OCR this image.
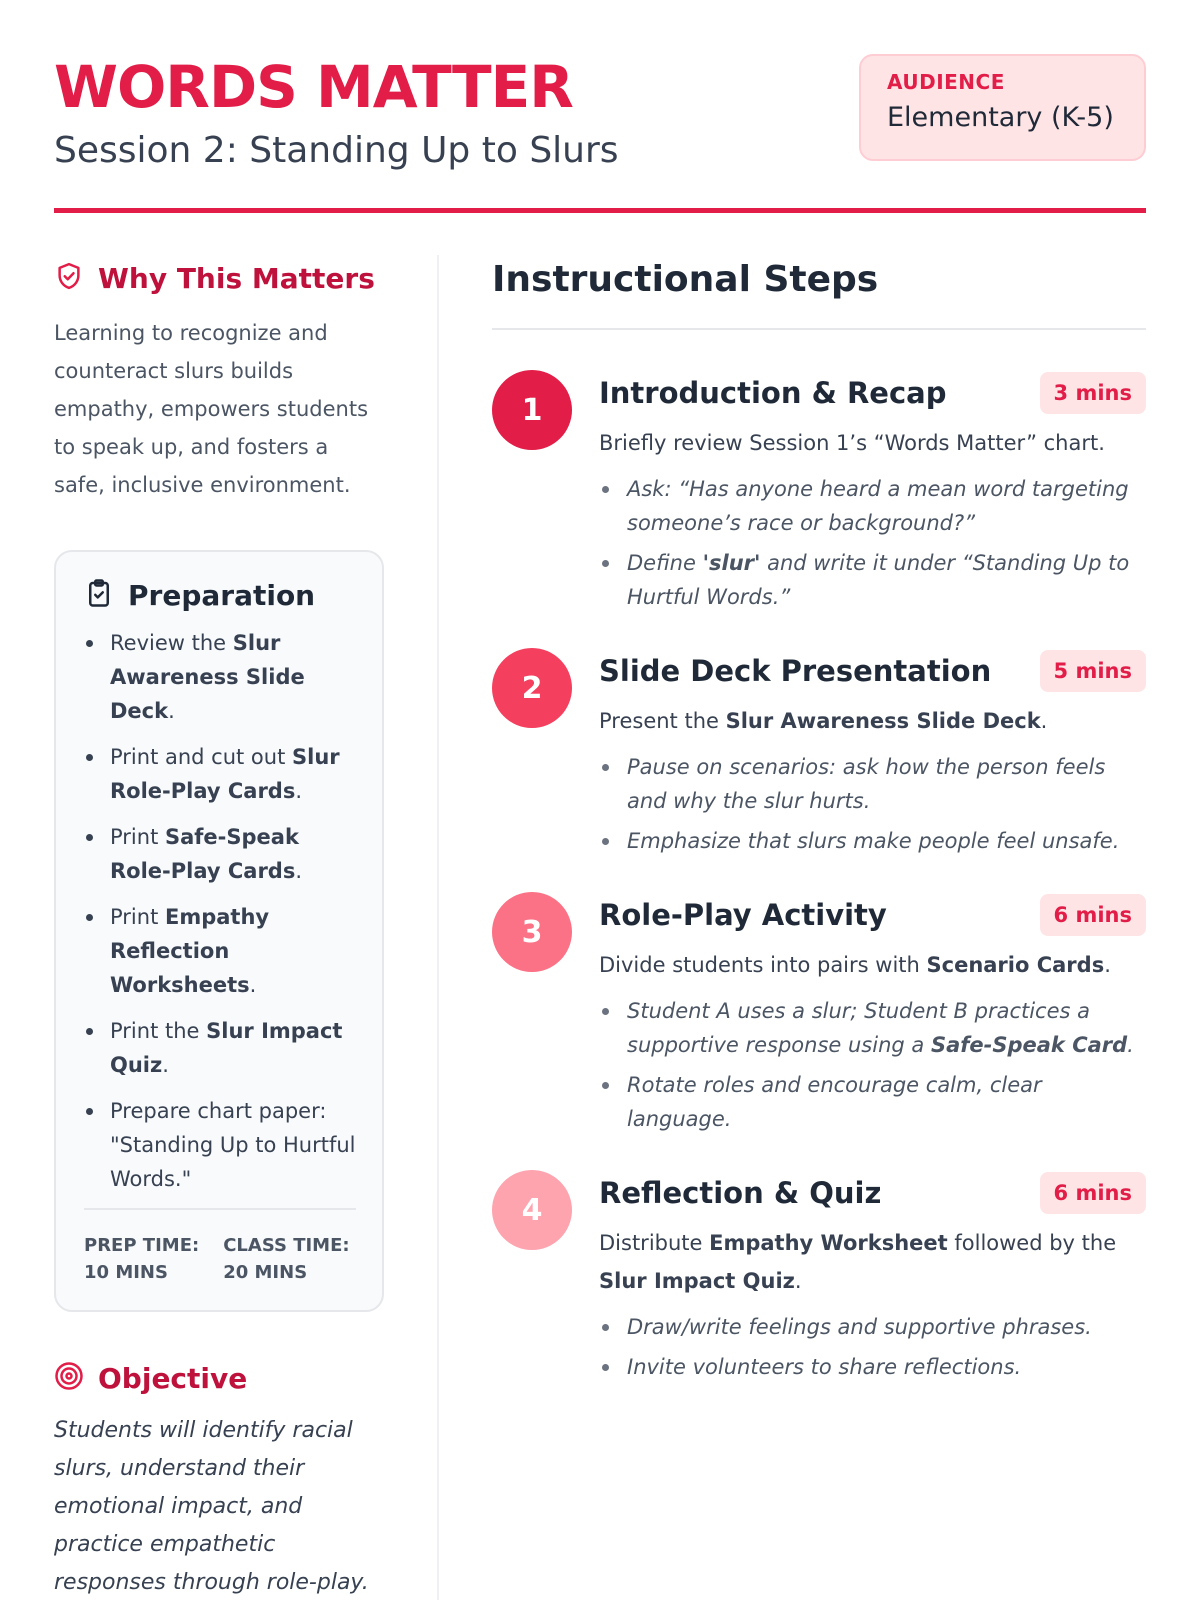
WORDS MATTER
Session 2: Standing Up to Slurs
AUDIENCE
Elementary (K-5)
Why This Matters

Learning to recognize and counteract slurs builds empathy, empowers students to speak up, and fosters a safe, inclusive environment.

Preparation
Review the Slur Awareness Slide Deck.
Print and cut out Slur Role-Play Cards.
Print Safe-Speak Role-Play Cards.
Print Empathy Reflection Worksheets.
Print the Slur Impact Quiz.
Prepare chart paper: "Standing Up to Hurtful Words."
PREP TIME:
10 MINS
CLASS TIME:
20 MINS
Objective

Students will identify racial slurs, understand their emotional impact, and practice empathetic responses through role-play.

Instructional Steps
1	Introduction & Recap	3 mins

Briefly review Session 1’s “Words Matter” chart.

Ask: “Has anyone heard a mean word targeting someone’s race or background?”
Define 'slur' and write it under “Standing Up to Hurtful Words.”
2	Slide Deck Presentation	5 mins

Present the Slur Awareness Slide Deck.

Pause on scenarios: ask how the person feels and why the slur hurts.
Emphasize that slurs make people feel unsafe.
3	Role-Play Activity	6 mins

Divide students into pairs with Scenario Cards.

Student A uses a slur; Student B practices a supportive response using a Safe-Speak Card.
Rotate roles and encourage calm, clear language.
4	Reflection & Quiz	6 mins

Distribute Empathy Worksheet followed by the Slur Impact Quiz.

Draw/write feelings and supportive phrases.
Invite volunteers to share reflections.
